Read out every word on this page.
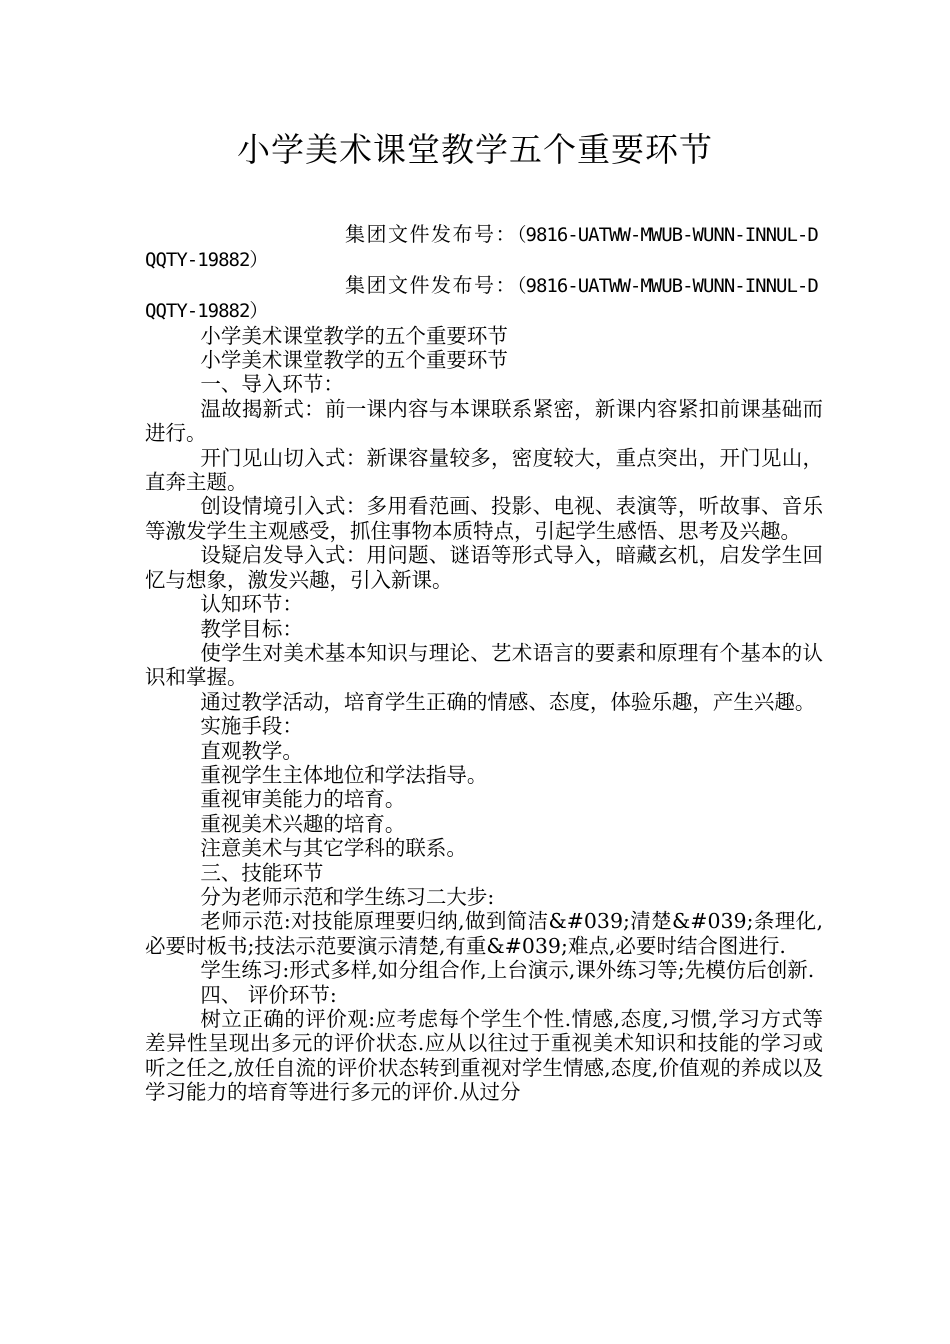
小学美术课堂教学五个重要环节

集团文件发布号：（9816-UATWW-MWUB-WUNN-INNUL-DQQTY-19882）

集团文件发布号：（9816-UATWW-MWUB-WUNN-INNUL-DQQTY-19882）

小学美术课堂教学的五个重要环节

小学美术课堂教学的五个重要环节

一、导入环节：

温故揭新式：前一课内容与本课联系紧密，新课内容紧扣前课基础而进行。

开门见山切入式：新课容量较多，密度较大，重点突出，开门见山，直奔主题。

创设情境引入式：多用看范画、投影、电视、表演等，听故事、音乐等激发学生主观感受，抓住事物本质特点，引起学生感悟、思考及兴趣。

设疑启发导入式：用问题、谜语等形式导入，暗藏玄机，启发学生回忆与想象，激发兴趣，引入新课。

认知环节：

教学目标：

使学生对美术基本知识与理论、艺术语言的要素和原理有个基本的认识和掌握。

通过教学活动，培育学生正确的情感、态度，体验乐趣，产生兴趣。

实施手段：

直观教学。

重视学生主体地位和学法指导。

重视审美能力的培育。

重视美术兴趣的培育。

注意美术与其它学科的联系。

三、技能环节

分为老师示范和学生练习二大步:

老师示范:对技能原理要归纳,做到简洁&#039;清楚&#039;条理化,必要时板书;技法示范要演示清楚,有重&#039;难点,必要时结合图进行.

学生练习:形式多样,如分组合作,上台演示,课外练习等;先模仿后创新.

四、 评价环节:

树立正确的评价观:应考虑每个学生个性.情感,态度,习惯,学习方式等差异性呈现出多元的评价状态.应从以往过于重视美术知识和技能的学习或听之任之,放任自流的评价状态转到重视对学生情感,态度,价值观的养成以及学习能力的培育等进行多元的评价.从过分
